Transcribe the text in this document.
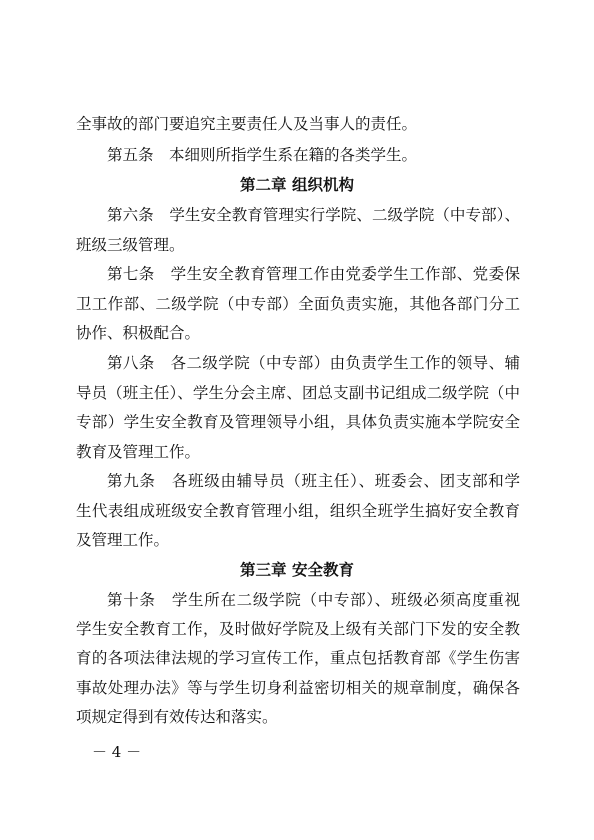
全事故的部门要追究主要责任人及当事人的责任。
第五条　本细则所指学生系在籍的各类学生。
第二章 组织机构
第六条　学生安全教育管理实行学院、二级学院（中专部）、
班级三级管理。
第七条　学生安全教育管理工作由党委学生工作部、党委保
卫工作部、二级学院（中专部）全面负责实施，其他各部门分工
协作、积极配合。
第八条　各二级学院（中专部）由负责学生工作的领导、辅
导员（班主任）、学生分会主席、团总支副书记组成二级学院（中
专部）学生安全教育及管理领导小组，具体负责实施本学院安全
教育及管理工作。
第九条　各班级由辅导员（班主任）、班委会、团支部和学
生代表组成班级安全教育管理小组，组织全班学生搞好安全教育
及管理工作。
第三章 安全教育
第十条　学生所在二级学院（中专部）、班级必须高度重视
学生安全教育工作，及时做好学院及上级有关部门下发的安全教
育的各项法律法规的学习宣传工作，重点包括教育部《学生伤害
事故处理办法》等与学生切身利益密切相关的规章制度，确保各
项规定得到有效传达和落实。
－ 4 －
